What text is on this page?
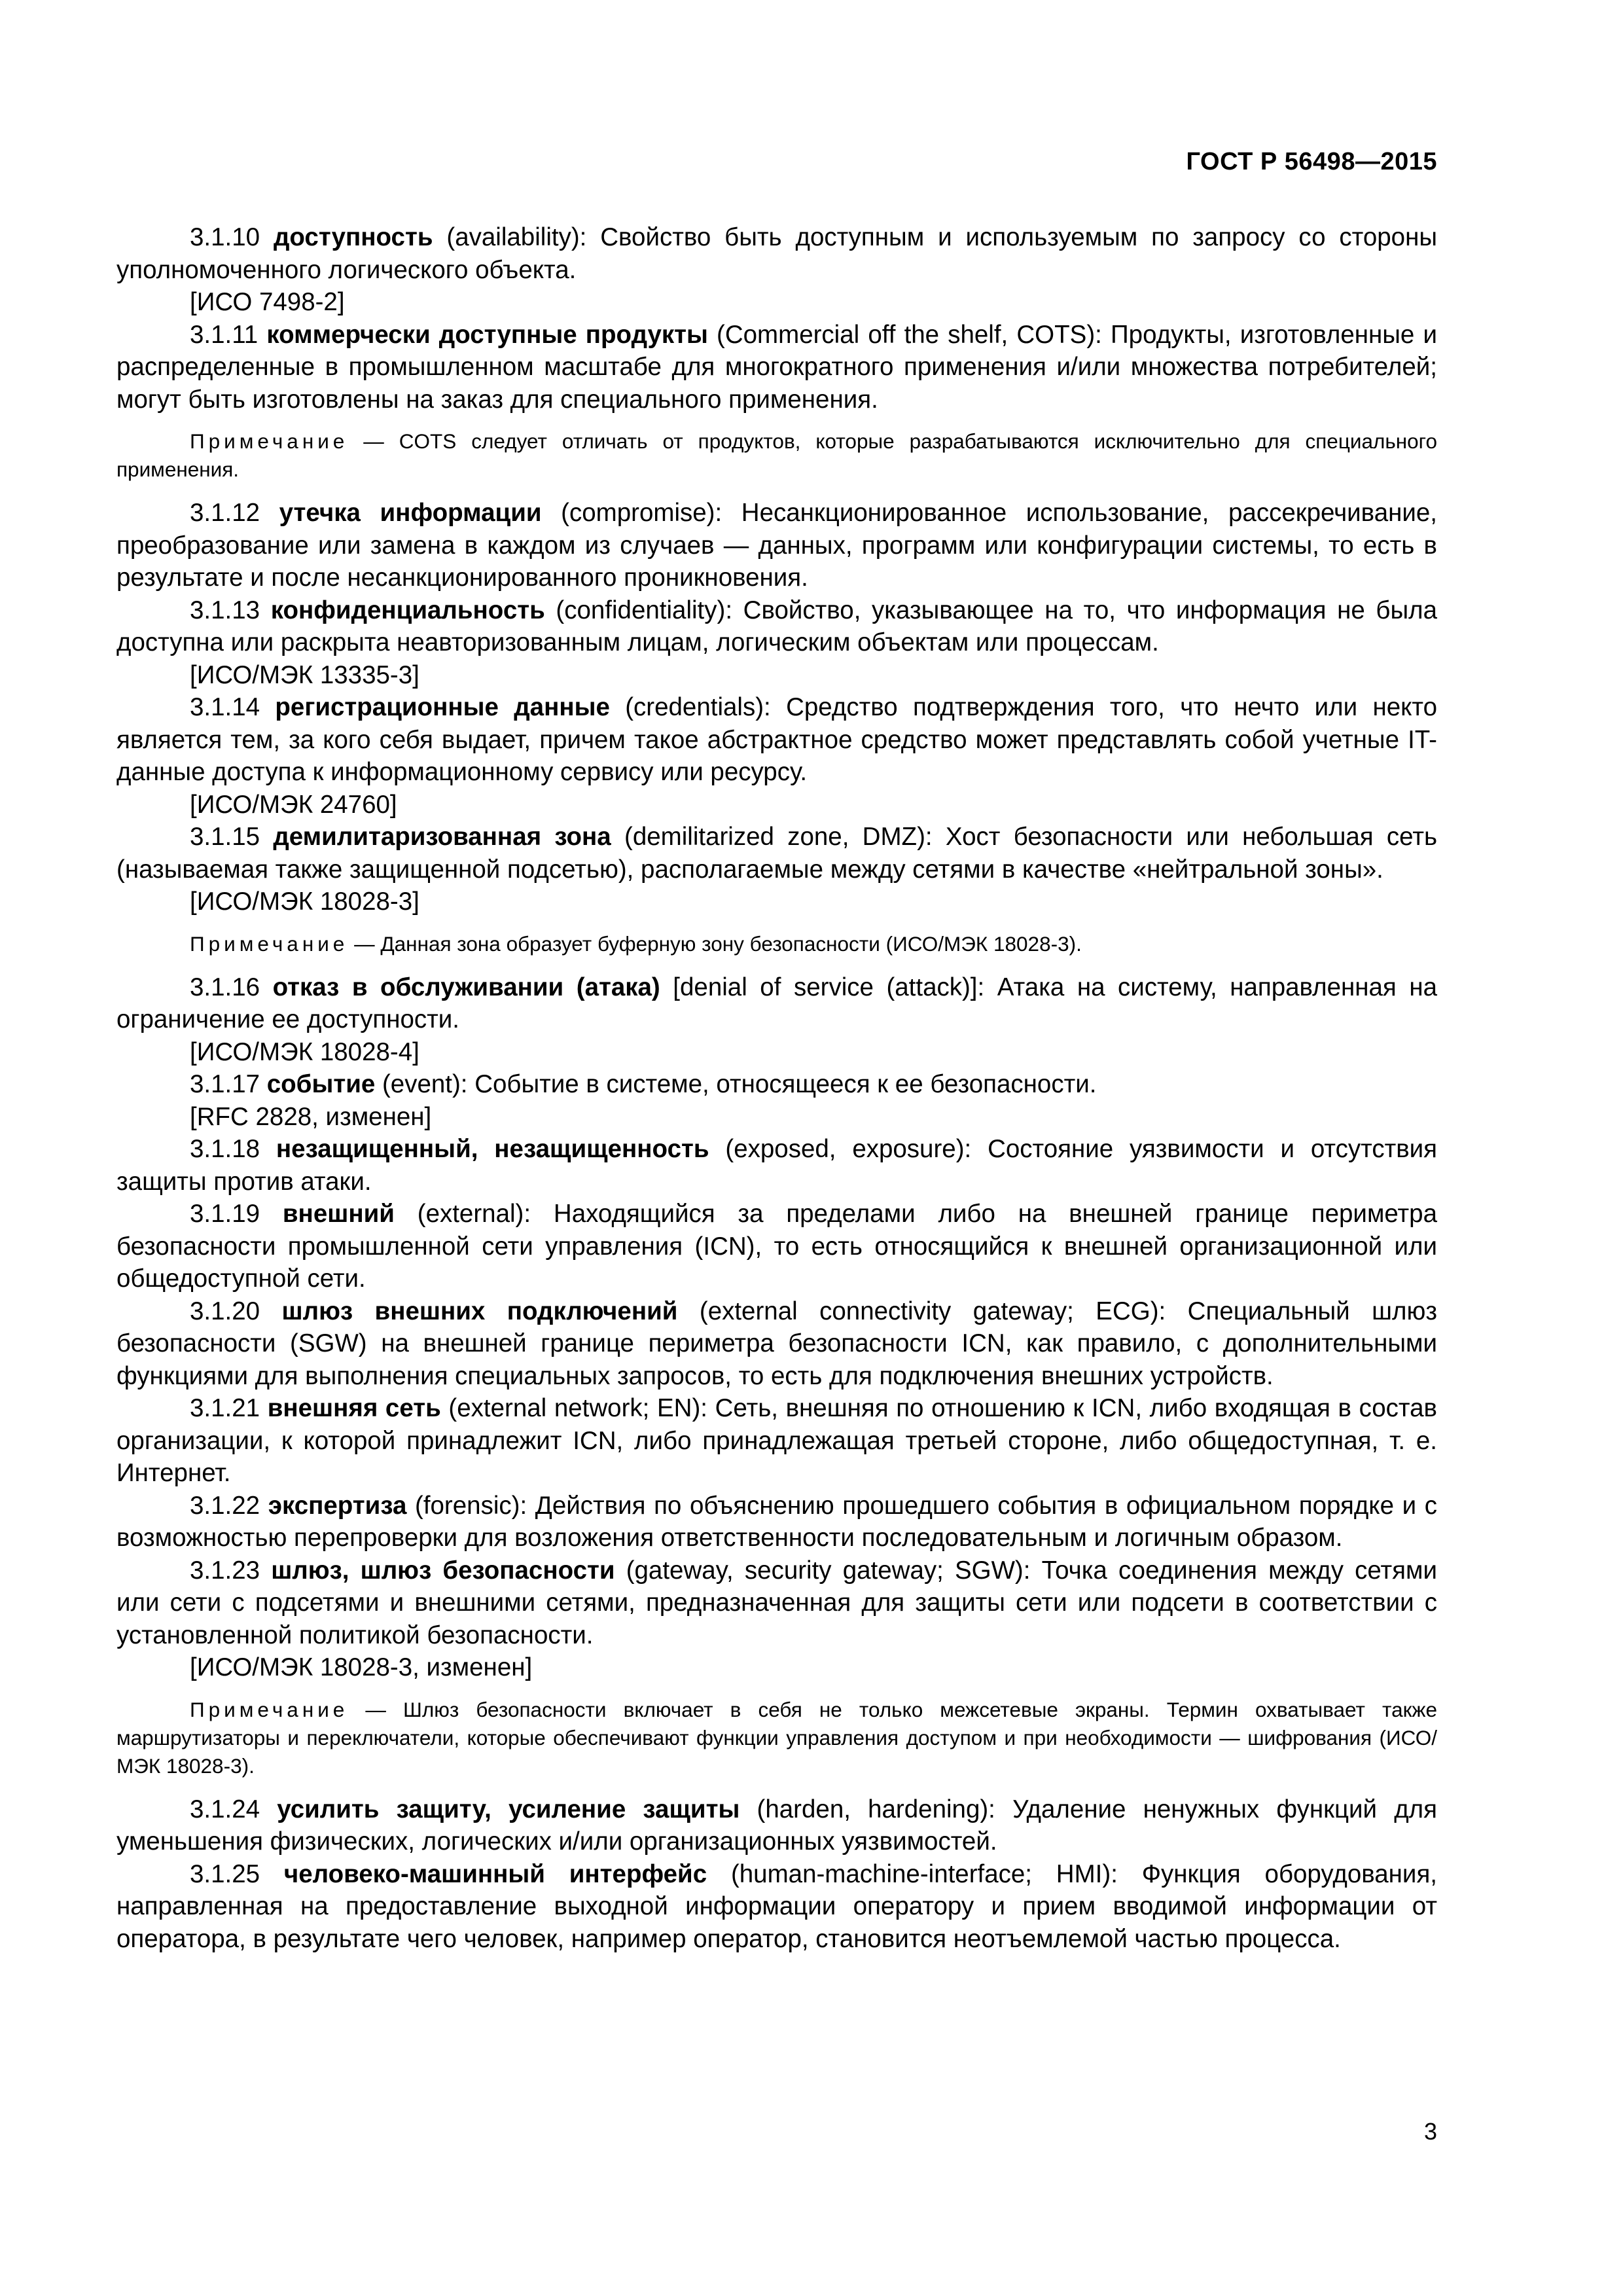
ГОСТ Р 56498—2015

3.1.10 доступность (availability): Свойство быть доступным и используемым по запросу со стороны уполномоченного логического объекта.

[ИСО 7498-2]

3.1.11 коммерчески доступные продукты (Commercial off the shelf, COTS): Продукты, изготовленные и распределенные в промышленном масштабе для многократного применения и/или множества потребителей; могут быть изготовлены на заказ для специального применения.

Примечание — COTS следует отличать от продуктов, которые разрабатываются исключительно для специального применения.

3.1.12 утечка информации (compromise): Несанкционированное использование, рассекречивание, преобразование или замена в каждом из случаев — данных, программ или конфигурации системы, то есть в результате и после несанкционированного проникновения.

3.1.13 конфиденциальность (confidentiality): Свойство, указывающее на то, что информация не была доступна или раскрыта неавторизованным лицам, логическим объектам или процессам.

[ИСО/МЭК 13335-3]

3.1.14 регистрационные данные (credentials): Средство подтверждения того, что нечто или некто является тем, за кого себя выдает, причем такое абстрактное средство может представлять собой учетные IT-данные доступа к информационному сервису или ресурсу.

[ИСО/МЭК 24760]

3.1.15 демилитаризованная зона (demilitarized zone, DMZ): Хост безопасности или небольшая сеть (называемая также защищенной подсетью), располагаемые между сетями в качестве «нейтральной зоны».

[ИСО/МЭК 18028-3]

Примечание — Данная зона образует буферную зону безопасности (ИСО/МЭК 18028-3).

3.1.16 отказ в обслуживании (атака) [denial of service (attack)]: Атака на систему, направленная на ограничение ее доступности.

[ИСО/МЭК 18028-4]

3.1.17 событие (event): Событие в системе, относящееся к ее безопасности.

[RFC 2828, изменен]

3.1.18 незащищенный, незащищенность (exposed, exposure): Состояние уязвимости и отсутствия защиты против атаки.

3.1.19 внешний (external): Находящийся за пределами либо на внешней границе периметра безопасности промышленной сети управления (ICN), то есть относящийся к внешней организационной или общедоступной сети.

3.1.20 шлюз внешних подключений (external connectivity gateway; ECG): Специальный шлюз безопасности (SGW) на внешней границе периметра безопасности ICN, как правило, с дополнительными функциями для выполнения специальных запросов, то есть для подключения внешних устройств.

3.1.21 внешняя сеть (external network; EN): Сеть, внешняя по отношению к ICN, либо входящая в состав организации, к которой принадлежит ICN, либо принадлежащая третьей стороне, либо общедоступная, т. е. Интернет.

3.1.22 экспертиза (forensic): Действия по объяснению прошедшего события в официальном порядке и с возможностью перепроверки для возложения ответственности последовательным и логичным образом.

3.1.23 шлюз, шлюз безопасности (gateway, security gateway; SGW): Точка соединения между сетями или сети с подсетями и внешними сетями, предназначенная для защиты сети или подсети в соответствии с установленной политикой безопасности.

[ИСО/МЭК 18028-3, изменен]

Примечание — Шлюз безопасности включает в себя не только межсетевые экраны. Термин охватывает также маршрутизаторы и переключатели, которые обеспечивают функции управления доступом и при необходимости — шифрования (ИСО/МЭК 18028-3).

3.1.24 усилить защиту, усиление защиты (harden, hardening): Удаление ненужных функций для уменьшения физических, логических и/или организационных уязвимостей.

3.1.25 человеко-машинный интерфейс (human-machine-interface; HMI): Функция оборудования, направленная на предоставление выходной информации оператору и прием вводимой информации от оператора, в результате чего человек, например оператор, становится неотъемлемой частью процесса.

3
